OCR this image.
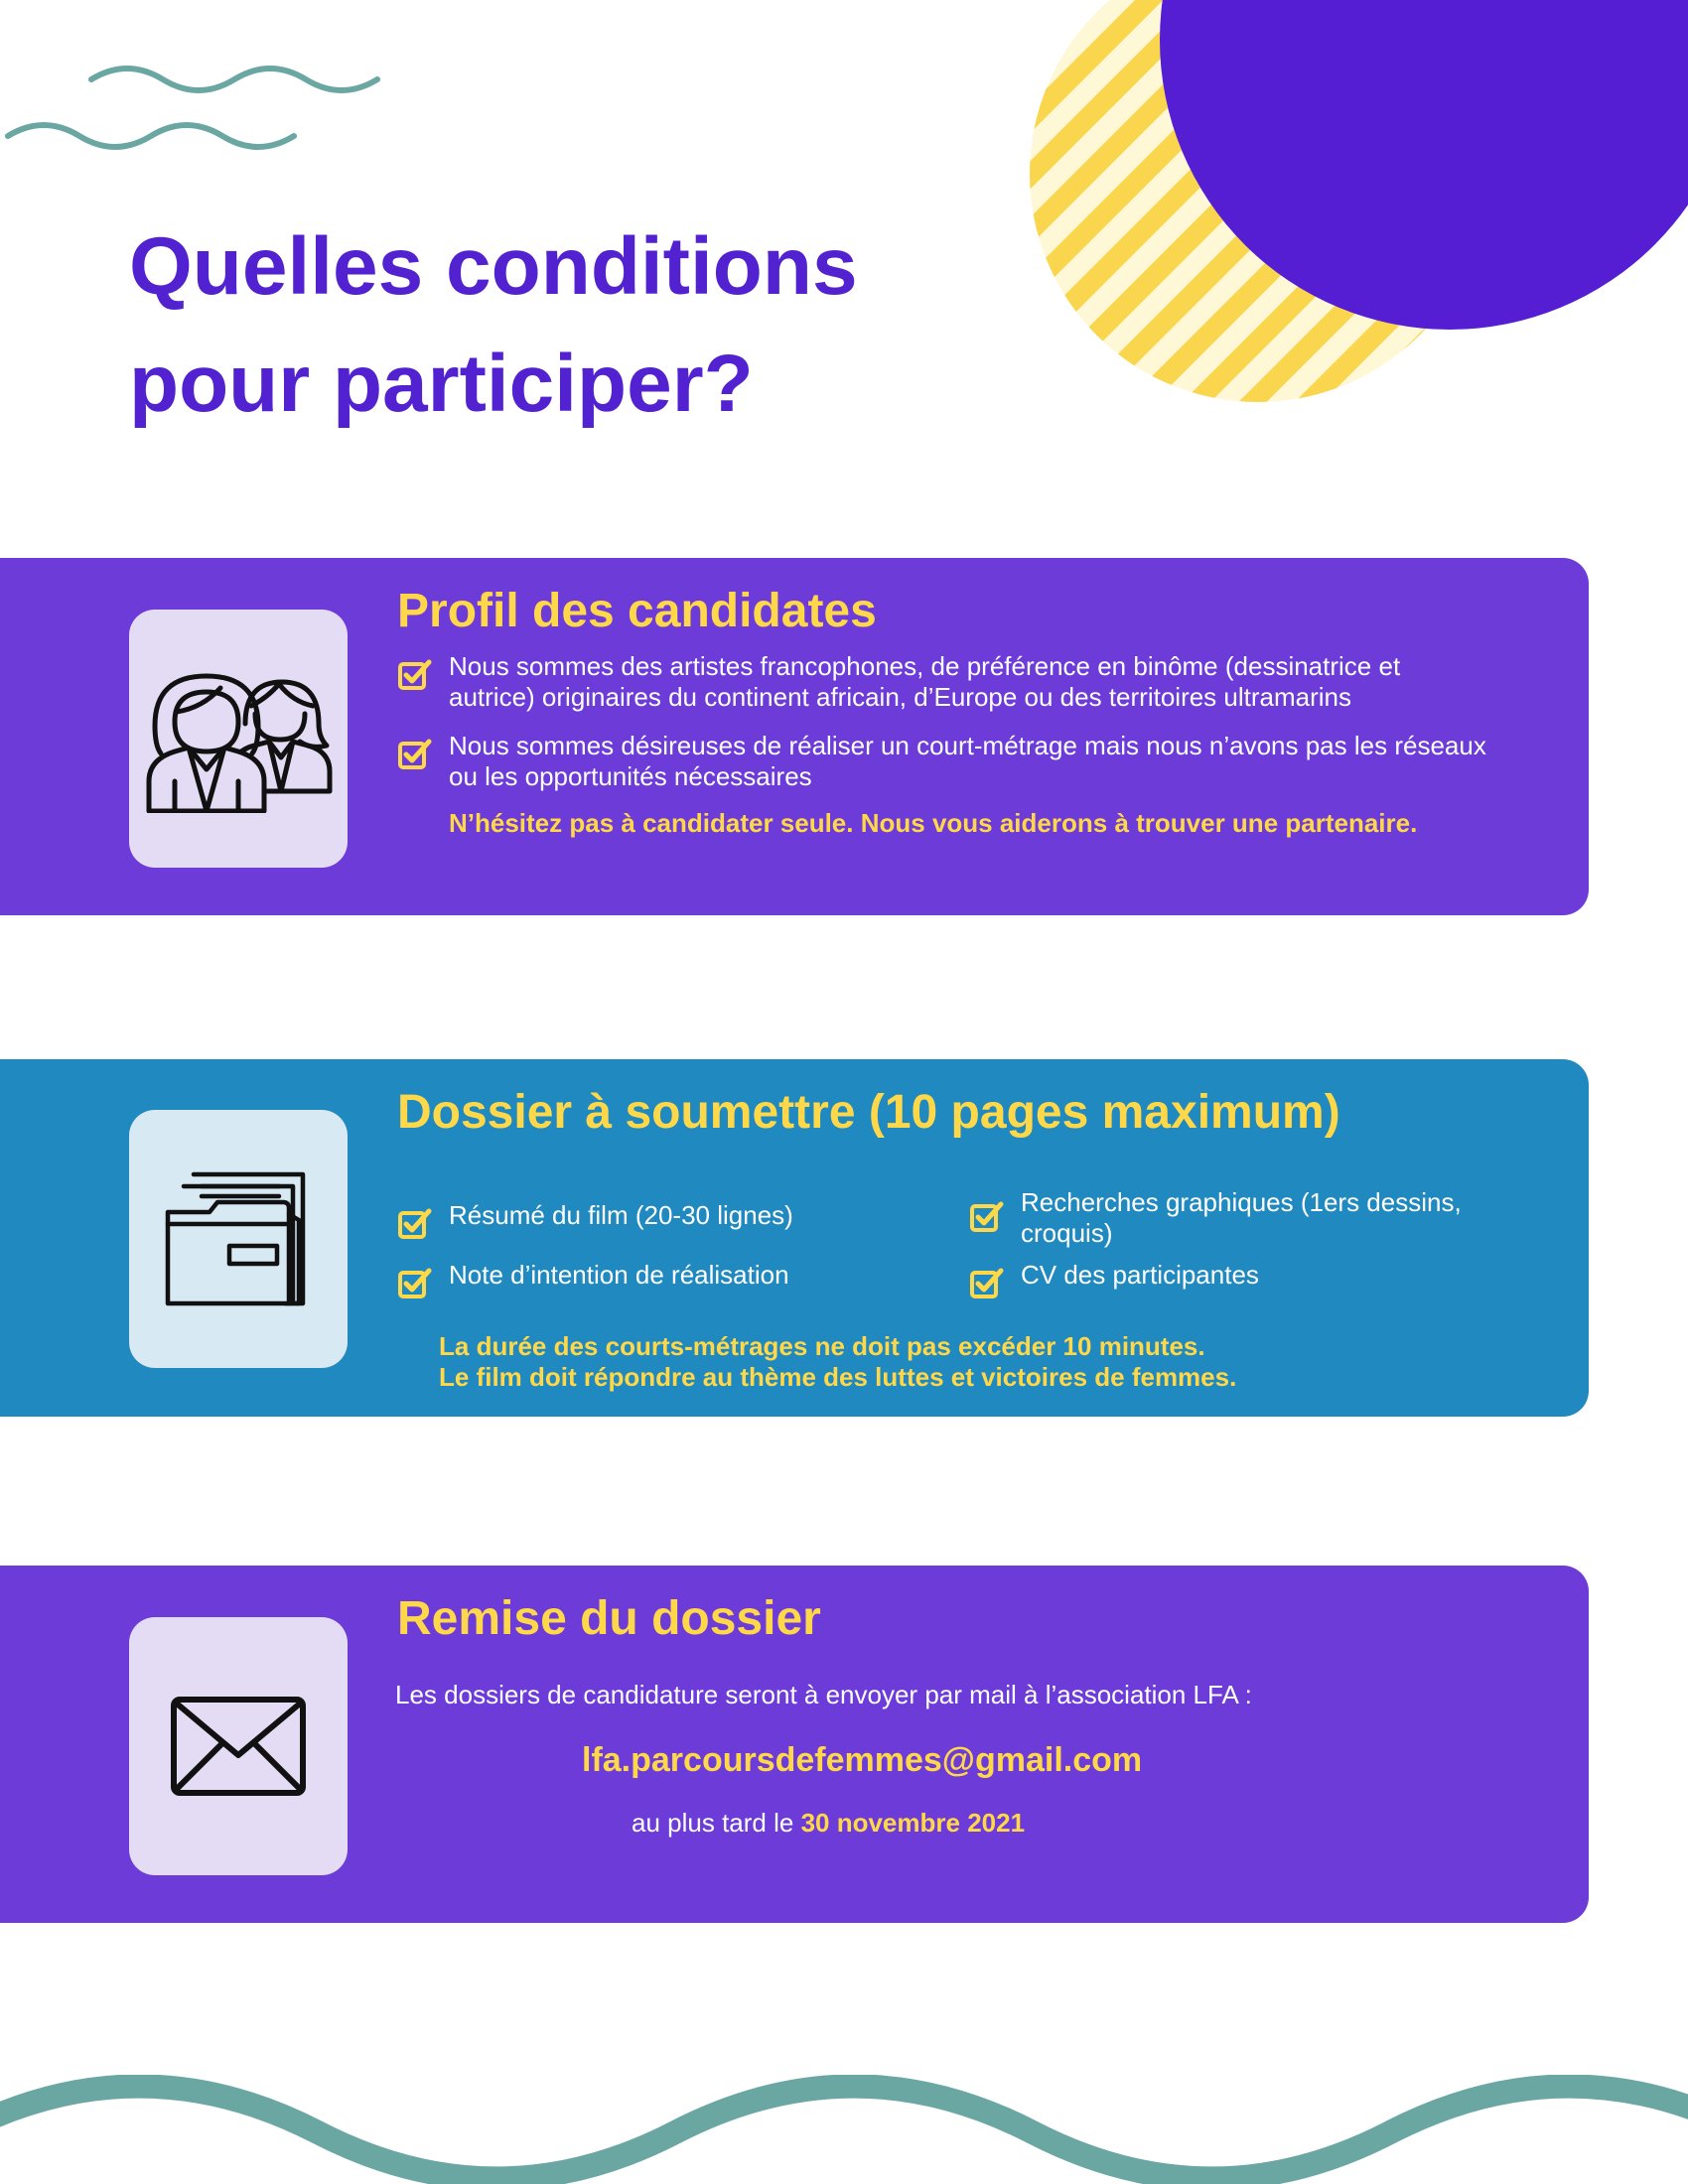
Quelles conditions
pour participer?
Profil des candidates
Nous sommes des artistes francophones, de préférence en binôme (dessinatrice et
autrice) originaires du continent africain, d’Europe ou des territoires ultramarins
Nous sommes désireuses de réaliser un court-métrage mais nous n’avons pas les réseaux
ou les opportunités nécessaires
N’hésitez pas à candidater seule. Nous vous aiderons à trouver une partenaire.
Dossier à soumettre (10 pages maximum)
Résumé du film (20-30 lignes)
Note d’intention de réalisation
Recherches graphiques (1ers dessins,
croquis)
CV des participantes
La durée des courts-métrages ne doit pas excéder 10 minutes.
Le film doit répondre au thème des luttes et victoires de femmes.
Remise du dossier
Les dossiers de candidature seront à envoyer par mail à l’association LFA :
lfa.parcoursdefemmes@gmail.com
au plus tard le 30 novembre 2021
